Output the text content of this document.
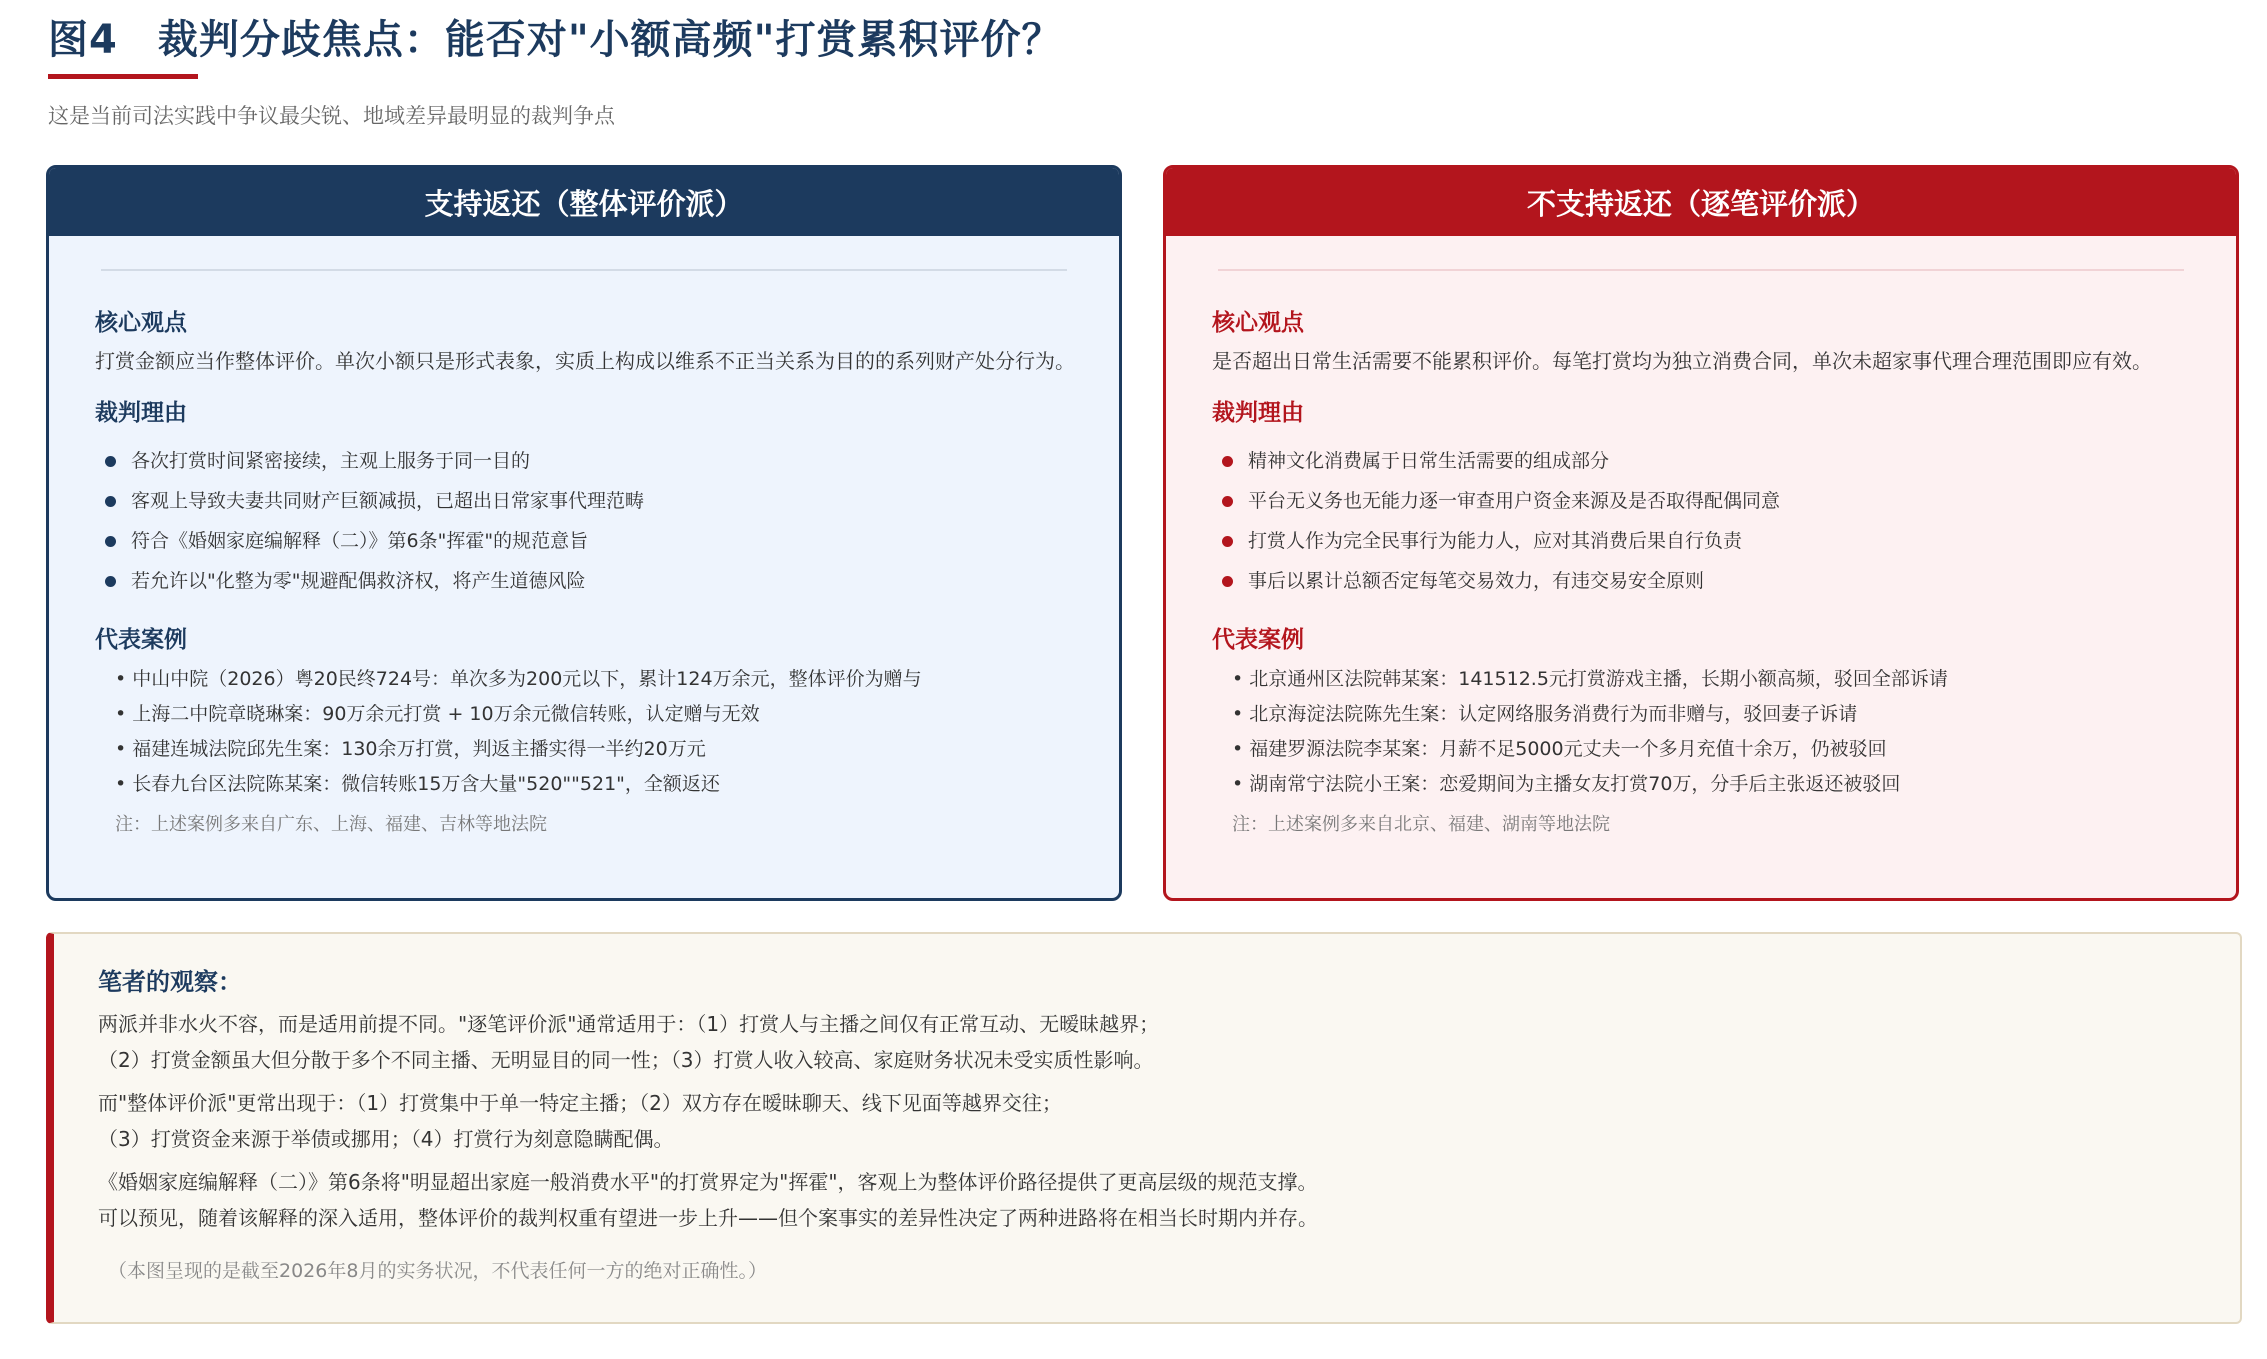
图4 裁判分歧焦点：能否对"小额高频"打赏累积评价？
这是当前司法实践中争议最尖锐、地域差异最明显的裁判争点
支持返还（整体评价派）
核心观点
打赏金额应当作整体评价。单次小额只是形式表象，实质上构成以维系不正当关系为目的的系列财产处分行为。
裁判理由
各次打赏时间紧密接续，主观上服务于同一目的
客观上导致夫妻共同财产巨额减损，已超出日常家事代理范畴
符合《婚姻家庭编解释（二）》第6条"挥霍"的规范意旨
若允许以"化整为零"规避配偶救济权，将产生道德风险
代表案例
• 中山中院（2026）粤20民终724号：单次多为200元以下，累计124万余元，整体评价为赠与
• 上海二中院章晓琳案：90万余元打赏 + 10万余元微信转账，认定赠与无效
• 福建连城法院邱先生案：130余万打赏，判返主播实得一半约20万元
• 长春九台区法院陈某案：微信转账15万含大量"520""521"，全额返还
注：上述案例多来自广东、上海、福建、吉林等地法院
不支持返还（逐笔评价派）
核心观点
是否超出日常生活需要不能累积评价。每笔打赏均为独立消费合同，单次未超家事代理合理范围即应有效。
裁判理由
精神文化消费属于日常生活需要的组成部分
平台无义务也无能力逐一审查用户资金来源及是否取得配偶同意
打赏人作为完全民事行为能力人，应对其消费后果自行负责
事后以累计总额否定每笔交易效力，有违交易安全原则
代表案例
• 北京通州区法院韩某案：141512.5元打赏游戏主播，长期小额高频，驳回全部诉请
• 北京海淀法院陈先生案：认定网络服务消费行为而非赠与，驳回妻子诉请
• 福建罗源法院李某案：月薪不足5000元丈夫一个多月充值十余万，仍被驳回
• 湖南常宁法院小王案：恋爱期间为主播女友打赏70万，分手后主张返还被驳回
注：上述案例多来自北京、福建、湖南等地法院
笔者的观察：
两派并非水火不容，而是适用前提不同。"逐笔评价派"通常适用于：（1）打赏人与主播之间仅有正常互动、无暧昧越界；
（2）打赏金额虽大但分散于多个不同主播、无明显目的同一性；（3）打赏人收入较高、家庭财务状况未受实质性影响。
而"整体评价派"更常出现于：（1）打赏集中于单一特定主播；（2）双方存在暧昧聊天、线下见面等越界交往；
（3）打赏资金来源于举债或挪用；（4）打赏行为刻意隐瞒配偶。
《婚姻家庭编解释（二）》第6条将"明显超出家庭一般消费水平"的打赏界定为"挥霍"，客观上为整体评价路径提供了更高层级的规范支撑。
可以预见，随着该解释的深入适用，整体评价的裁判权重有望进一步上升——但个案事实的差异性决定了两种进路将在相当长时期内并存。
（本图呈现的是截至2026年8月的实务状况，不代表任何一方的绝对正确性。）
